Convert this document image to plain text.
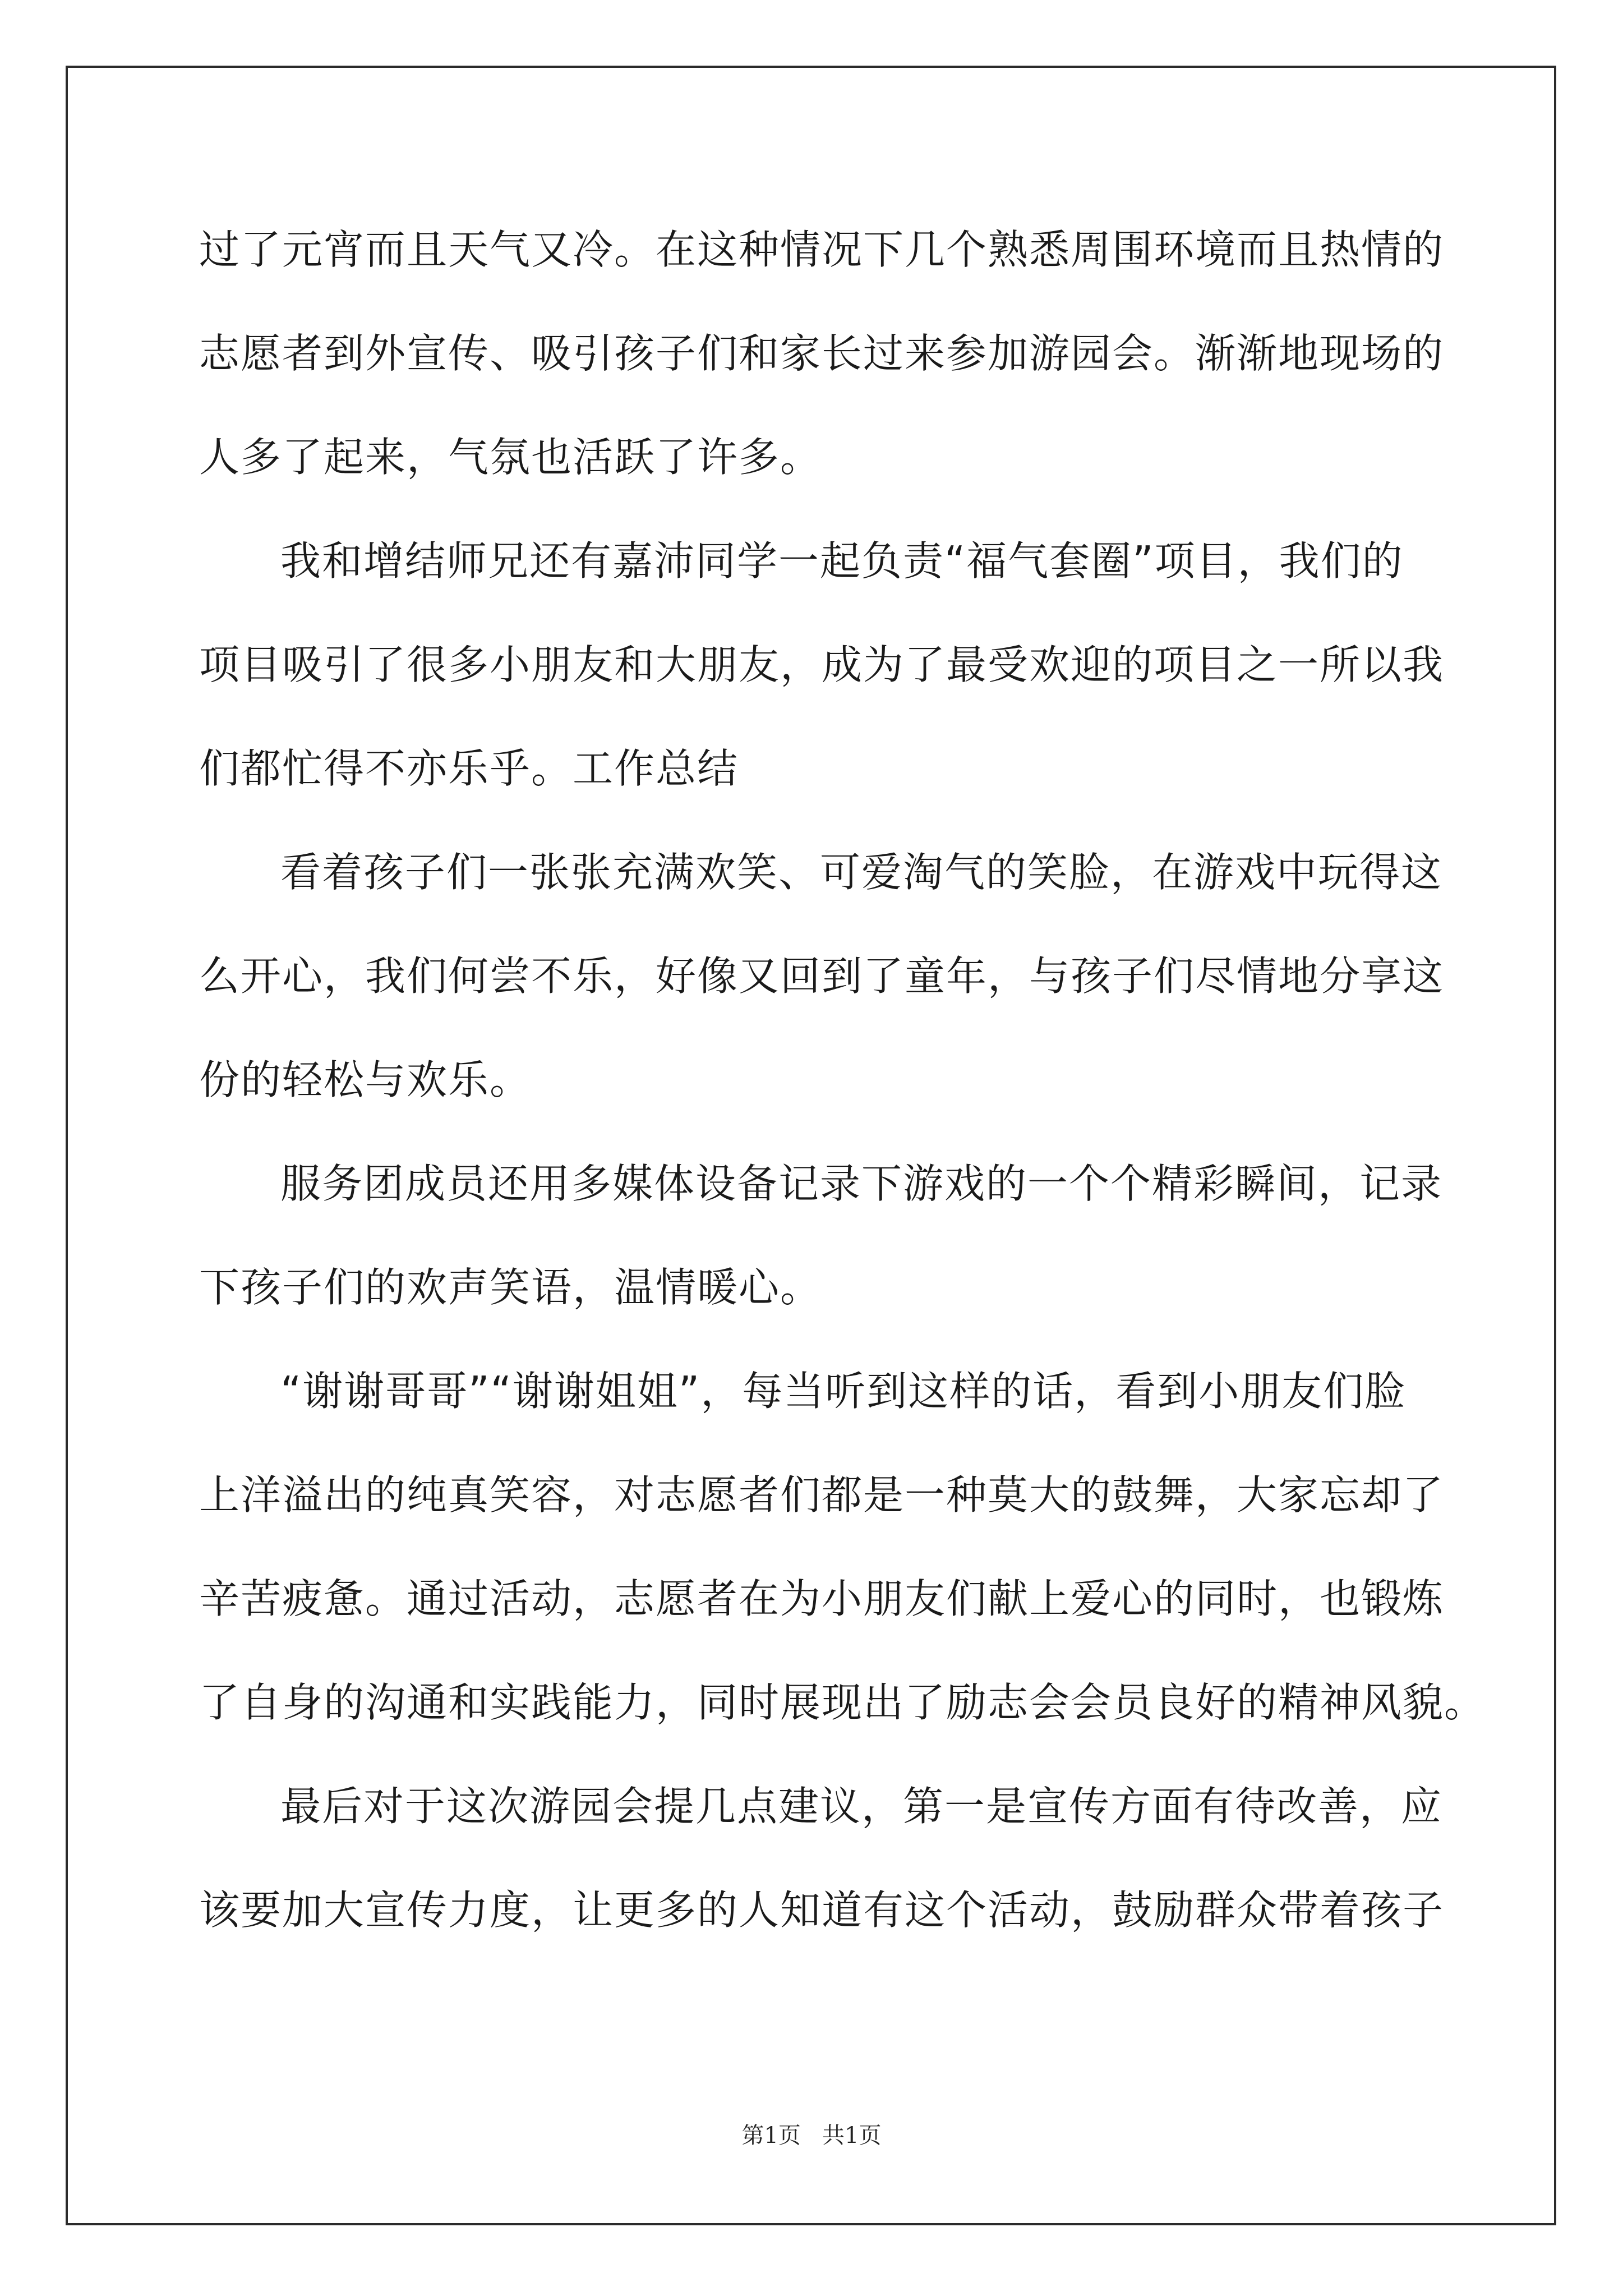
过了元宵而且天气又冷。在这种情况下几个熟悉周围环境而且热情的
志愿者到外宣传、吸引孩子们和家长过来参加游园会。渐渐地现场的
人多了起来，气氛也活跃了许多。
我和增结师兄还有嘉沛同学一起负责“福气套圈”项目，我们的
项目吸引了很多小朋友和大朋友，成为了最受欢迎的项目之一所以我
们都忙得不亦乐乎。工作总结
看着孩子们一张张充满欢笑、可爱淘气的笑脸，在游戏中玩得这
么开心，我们何尝不乐，好像又回到了童年，与孩子们尽情地分享这
份的轻松与欢乐。
服务团成员还用多媒体设备记录下游戏的一个个精彩瞬间，记录
下孩子们的欢声笑语，温情暖心。
“谢谢哥哥”“谢谢姐姐”，每当听到这样的话，看到小朋友们脸
上洋溢出的纯真笑容，对志愿者们都是一种莫大的鼓舞，大家忘却了
辛苦疲惫。通过活动，志愿者在为小朋友们献上爱心的同时，也锻炼
了自身的沟通和实践能力，同时展现出了励志会会员良好的精神风貌。
最后对于这次游园会提几点建议，第一是宣传方面有待改善，应
该要加大宣传力度，让更多的人知道有这个活动，鼓励群众带着孩子
第1页   共1页
